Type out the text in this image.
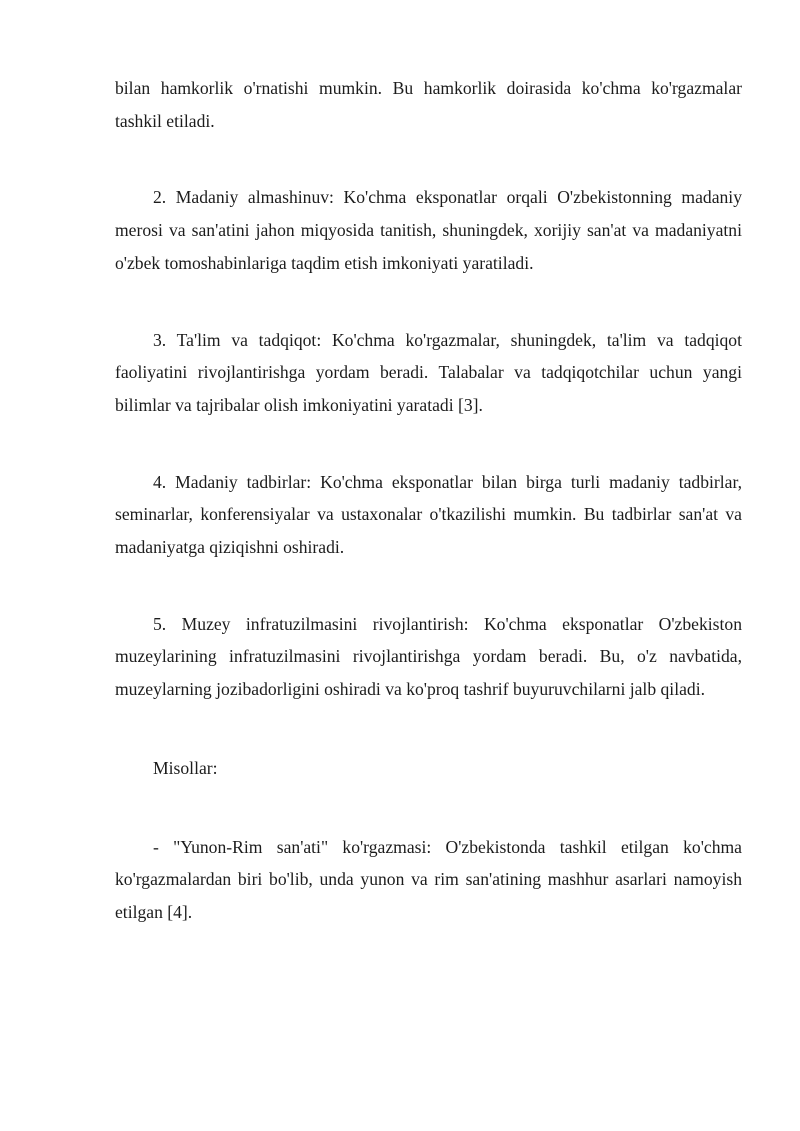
bilan hamkorlik o'rnatishi mumkin. Bu hamkorlik doirasida ko'chma ko'rgazmalar tashkil etiladi.

2. Madaniy almashinuv: Ko'chma eksponatlar orqali O'zbekistonning madaniy merosi va san'atini jahon miqyosida tanitish, shuningdek, xorijiy san'at va madaniyatni o'zbek tomoshabinlariga taqdim etish imkoniyati yaratiladi.

3. Ta'lim va tadqiqot: Ko'chma ko'rgazmalar, shuningdek, ta'lim va tadqiqot faoliyatini rivojlantirishga yordam beradi. Talabalar va tadqiqotchilar uchun yangi bilimlar va tajribalar olish imkoniyatini yaratadi [3].

4. Madaniy tadbirlar: Ko'chma eksponatlar bilan birga turli madaniy tadbirlar, seminarlar, konferensiyalar va ustaxonalar o'tkazilishi mumkin. Bu tadbirlar san'at va madaniyatga qiziqishni oshiradi.

5. Muzey infratuzilmasini rivojlantirish: Ko'chma eksponatlar O'zbekiston muzeylarining infratuzilmasini rivojlantirishga yordam beradi. Bu, o'z navbatida, muzeylarning jozibadorligini oshiradi va ko'proq tashrif buyuruvchilarni jalb qiladi.

Misollar:

- "Yunon-Rim san'ati" ko'rgazmasi: O'zbekistonda tashkil etilgan ko'chma ko'rgazmalardan biri bo'lib, unda yunon va rim san'atining mashhur asarlari namoyish etilgan [4].
